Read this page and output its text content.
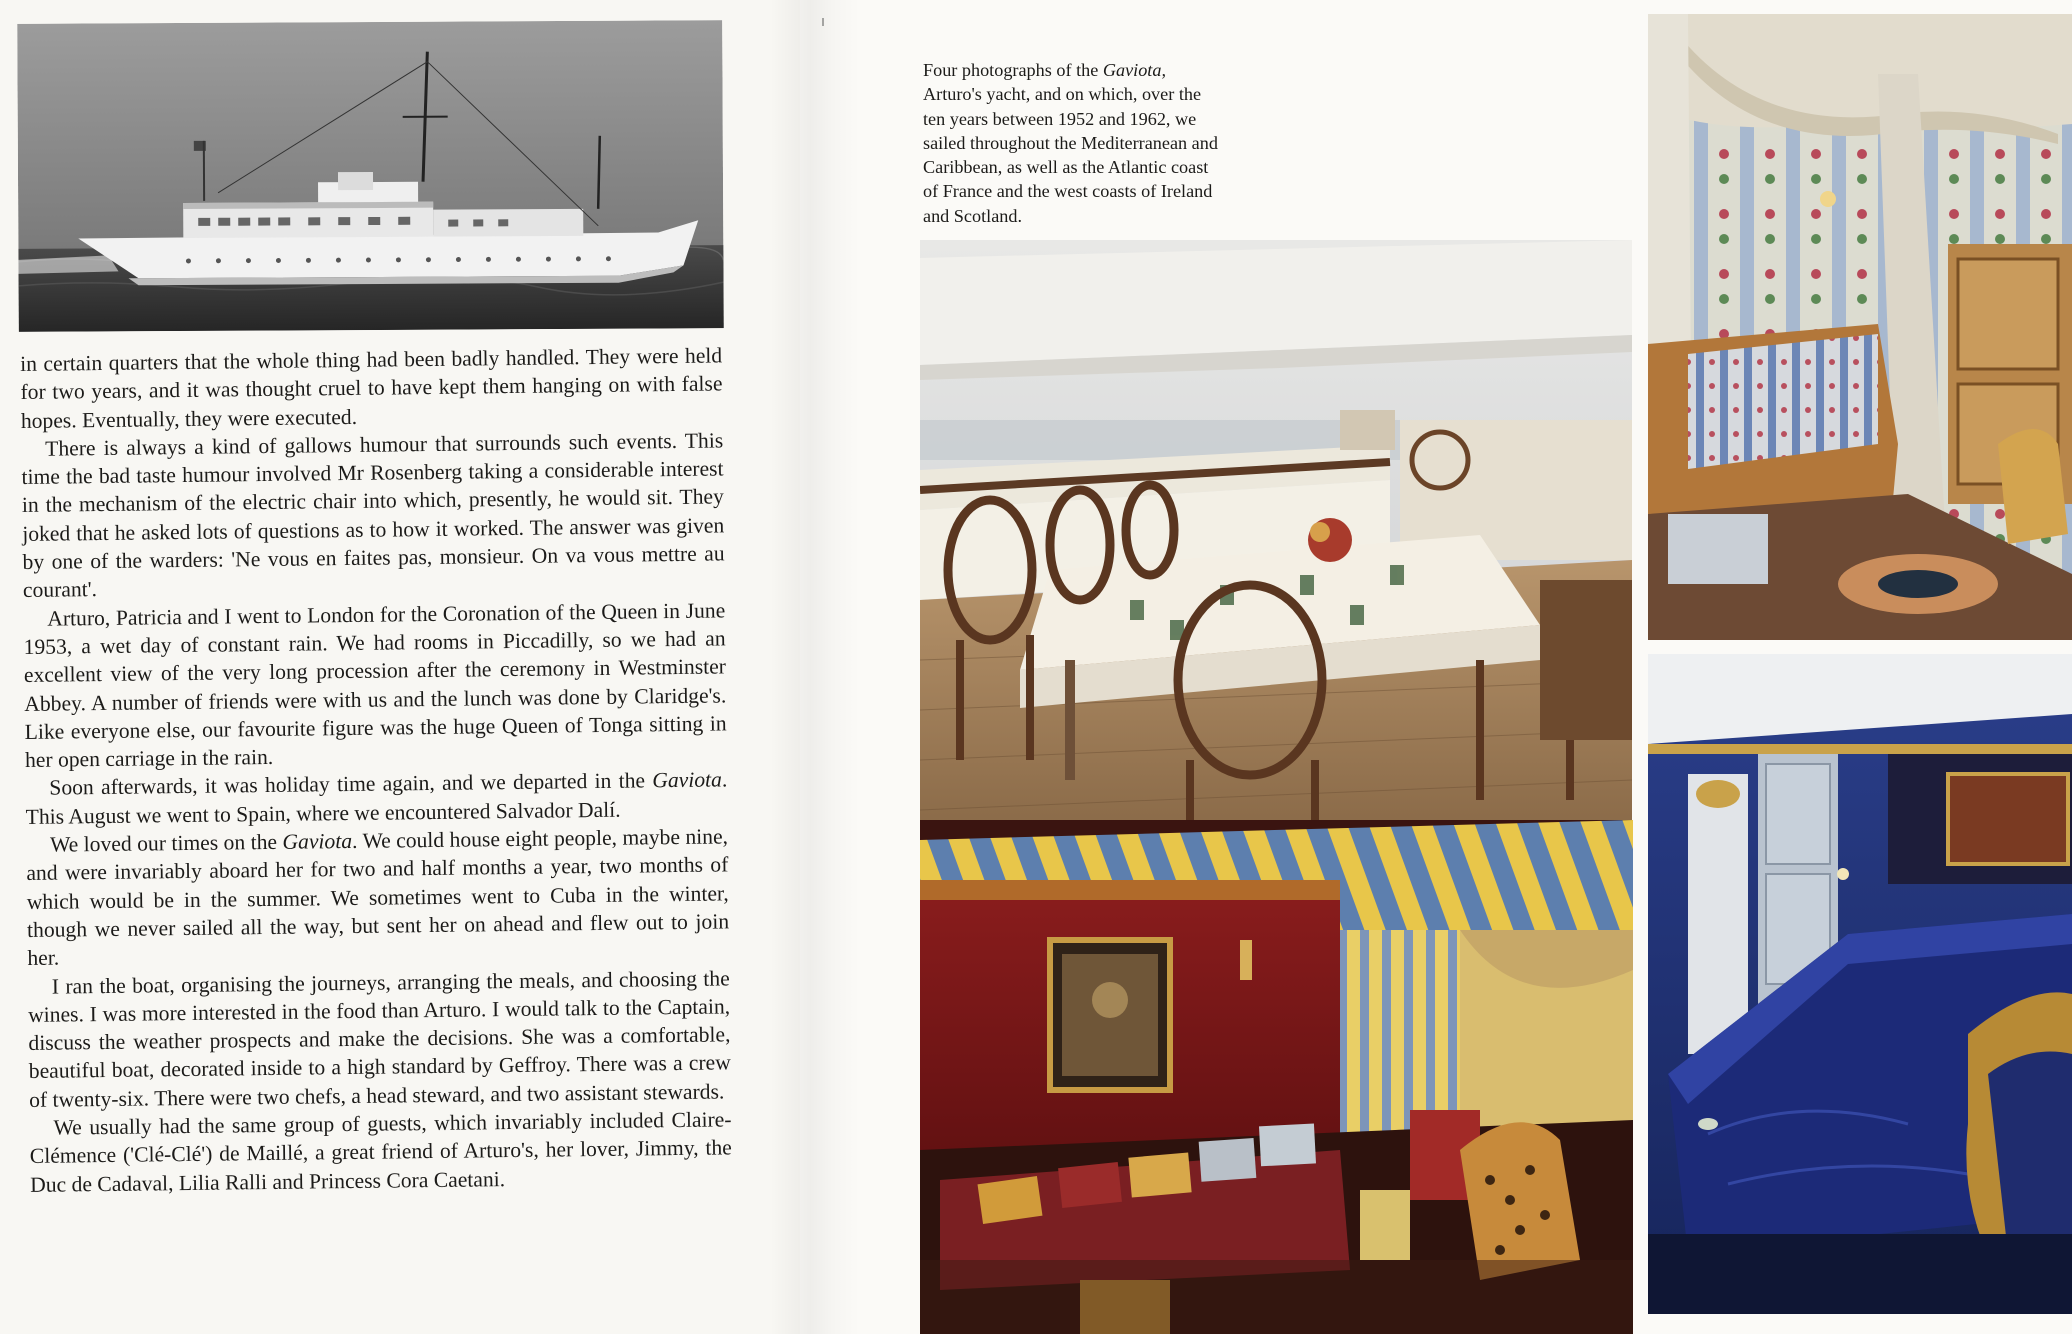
in certain quarters that the whole thing had been badly handled. They were held for two years, and it was thought cruel to have kept them hanging on with false hopes. Eventually, they were executed.

There is always a kind of gallows humour that surrounds such events. This time the bad taste humour involved Mr Rosenberg taking a considerable interest in the mechanism of the electric chair into which, presently, he would sit. They joked that he asked lots of questions as to how it worked. The answer was given by one of the warders: 'Ne vous en faites pas, monsieur. On va vous mettre au courant'.

Arturo, Patricia and I went to London for the Coronation of the Queen in June 1953, a wet day of constant rain. We had rooms in Piccadilly, so we had an excellent view of the very long procession after the ceremony in Westminster Abbey. A number of friends were with us and the lunch was done by Claridge's. Like everyone else, our favourite figure was the huge Queen of Tonga sitting in her open carriage in the rain.

Soon afterwards, it was holiday time again, and we departed in the Gaviota. This August we went to Spain, where we encountered Salvador Dalí.

We loved our times on the Gaviota. We could house eight people, maybe nine, and were invariably aboard her for two and half months a year, two months of which would be in the summer. We sometimes went to Cuba in the winter, though we never sailed all the way, but sent her on ahead and flew out to join her.

I ran the boat, organising the journeys, arranging the meals, and choosing the wines. I was more interested in the food than Arturo. I would talk to the Captain, discuss the weather prospects and make the decisions. She was a comfortable, beautiful boat, decorated inside to a high standard by Geffroy. There was a crew of twenty-six. There were two chefs, a head steward, and two assistant stewards.

We usually had the same group of guests, which invariably included Claire-Clémence ('Clé-Clé') de Maillé, a great friend of Arturo's, her lover, Jimmy, the Duc de Cadaval, Lilia Ralli and Princess Cora Caetani.

Four photographs of the Gaviota,
Arturo's yacht, and on which, over the
ten years between 1952 and 1962, we
sailed throughout the Mediterranean and
Caribbean, as well as the Atlantic coast
of France and the west coasts of Ireland
and Scotland.
